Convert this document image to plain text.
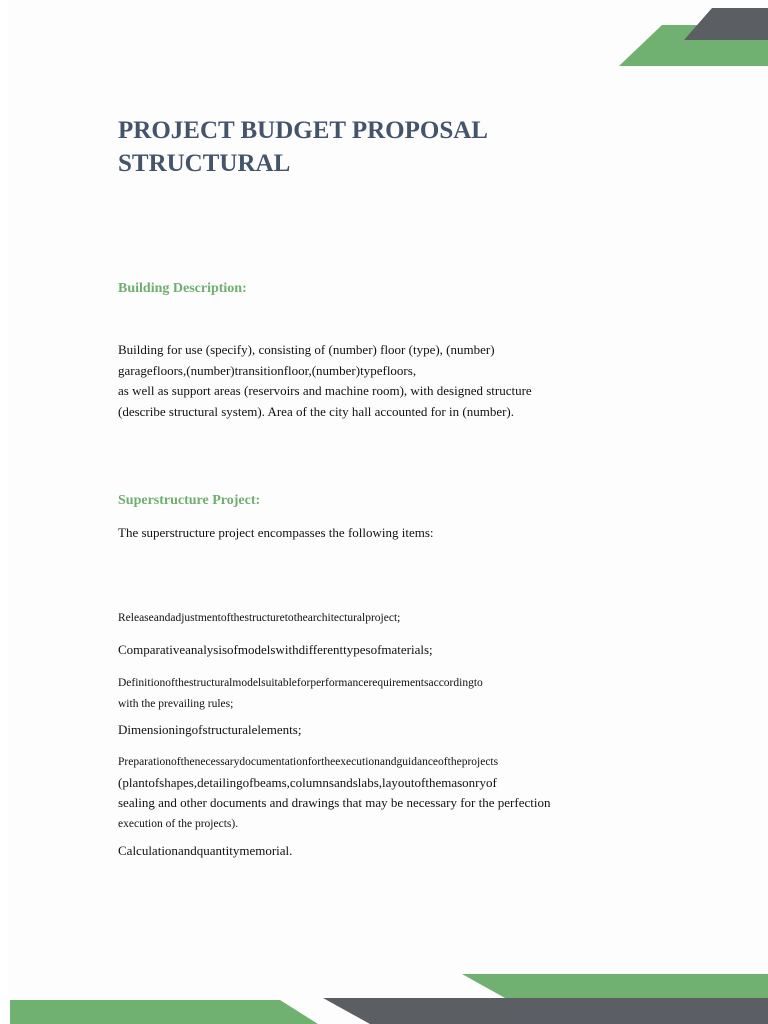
PROJECT BUDGET PROPOSAL
STRUCTURAL
Building Description:
Building for use (specify), consisting of (number) floor (type), (number)
garagefloors,(number)transitionfloor,(number)typefloors,
as well as support areas (reservoirs and machine room), with designed structure
(describe structural system). Area of the city hall accounted for in (number).
Superstructure Project:

The superstructure project encompasses the following items:

Releaseandadjustmentofthestructuretothearchitecturalproject;
Comparativeanalysisofmodelswithdifferenttypesofmaterials;
Definitionofthestructuralmodelsuitableforperformancerequirementsaccordingto
with the prevailing rules;
Dimensioningofstructuralelements;
Preparationofthenecessarydocumentationfortheexecutionandguidanceoftheprojects
(plantofshapes,detailingofbeams,columnsandslabs,layoutofthemasonryof
sealing and other documents and drawings that may be necessary for the perfection
execution of the projects).
Calculationandquantitymemorial.
